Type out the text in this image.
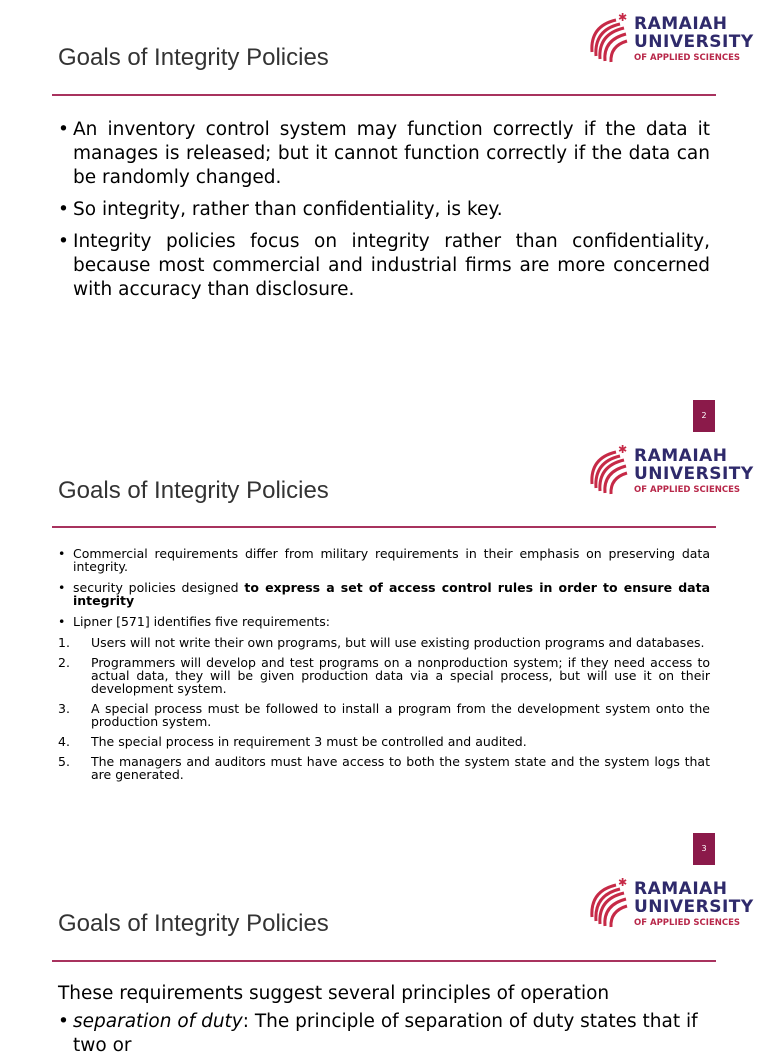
Goals of Integrity Policies
✱ RAMAIAH
UNIVERSITY
OF APPLIED SCIENCES
• An inventory control system may function correctly if the data it manages is released; but it cannot function correctly if the data can be randomly changed.
• So integrity, rather than confidentiality, is key.
• Integrity policies focus on integrity rather than confidentiality, because most commercial and industrial firms are more concerned with accuracy than disclosure.
2
Goals of Integrity Policies
✱ RAMAIAH
UNIVERSITY
OF APPLIED SCIENCES
3
• Commercial requirements differ from military requirements in their emphasis on preserving data integrity.
• security policies designed to express a set of access control rules in order to ensure data integrity
• Lipner [571] identifies five requirements:
1. Users will not write their own programs, but will use existing production programs and databases.
2. Programmers will develop and test programs on a nonproduction system; if they need access to actual data, they will be given production data via a special process, but will use it on their development system.
3. A special process must be followed to install a program from the development system onto the production system.
4. The special process in requirement 3 must be controlled and audited.
5. The managers and auditors must have access to both the system state and the system logs that are generated.
Goals of Integrity Policies
✱ RAMAIAH
UNIVERSITY
OF APPLIED SCIENCES
These requirements suggest several principles of operation
• separation of duty: The principle of separation of duty states that if two or
